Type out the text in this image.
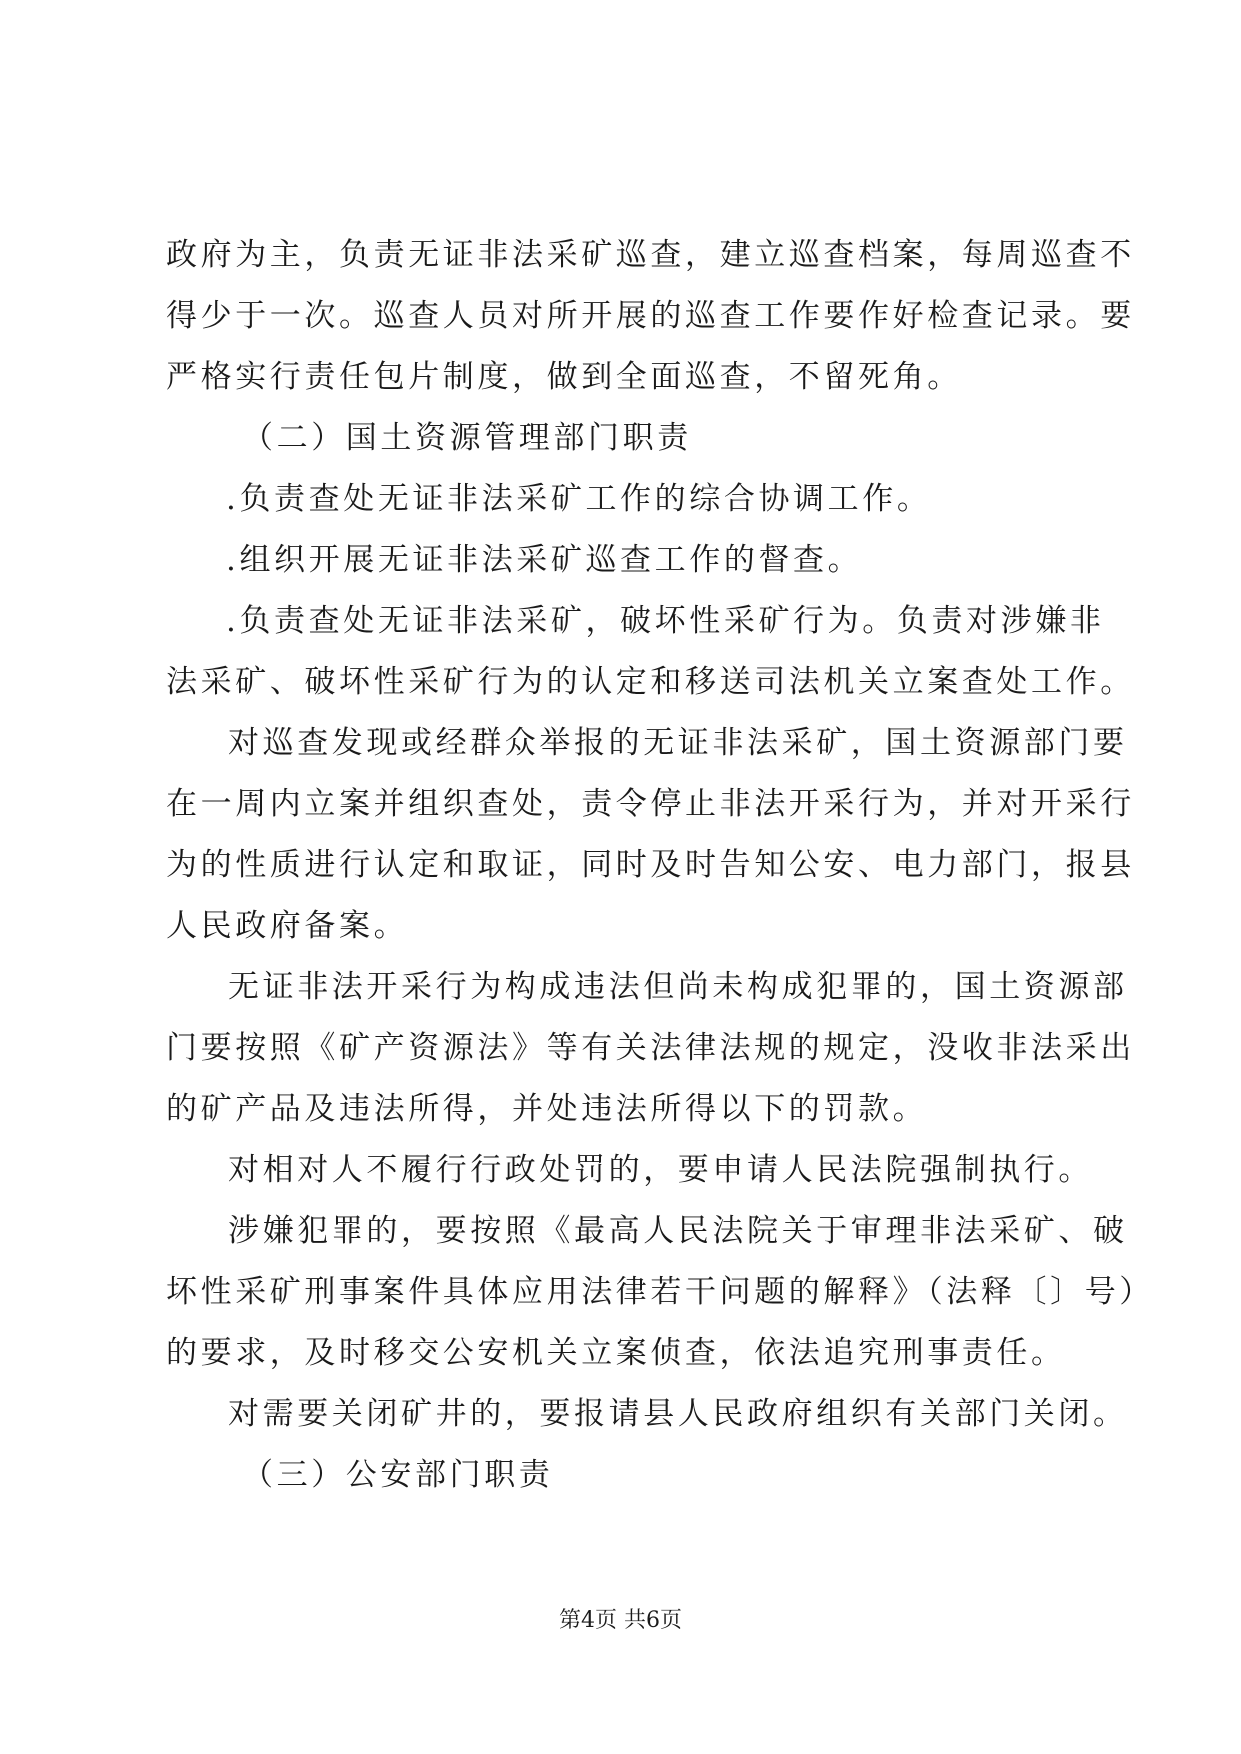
政府为主，负责无证非法采矿巡查，建立巡查档案，每周巡查不
得少于一次。巡查人员对所开展的巡查工作要作好检查记录。要
严格实行责任包片制度，做到全面巡查，不留死角。
（二）国土资源管理部门职责
.负责查处无证非法采矿工作的综合协调工作。
.组织开展无证非法采矿巡查工作的督查。
.负责查处无证非法采矿，破坏性采矿行为。负责对涉嫌非
法采矿、破坏性采矿行为的认定和移送司法机关立案查处工作。
对巡查发现或经群众举报的无证非法采矿，国土资源部门要
在一周内立案并组织查处，责令停止非法开采行为，并对开采行
为的性质进行认定和取证，同时及时告知公安、电力部门，报县
人民政府备案。
无证非法开采行为构成违法但尚未构成犯罪的，国土资源部
门要按照《矿产资源法》等有关法律法规的规定，没收非法采出
的矿产品及违法所得，并处违法所得以下的罚款。
对相对人不履行行政处罚的，要申请人民法院强制执行。
涉嫌犯罪的，要按照《最高人民法院关于审理非法采矿、破
坏性采矿刑事案件具体应用法律若干问题的解释》（法释〔〕号）
的要求，及时移交公安机关立案侦查，依法追究刑事责任。
对需要关闭矿井的，要报请县人民政府组织有关部门关闭。
（三）公安部门职责
第4页 共6页
